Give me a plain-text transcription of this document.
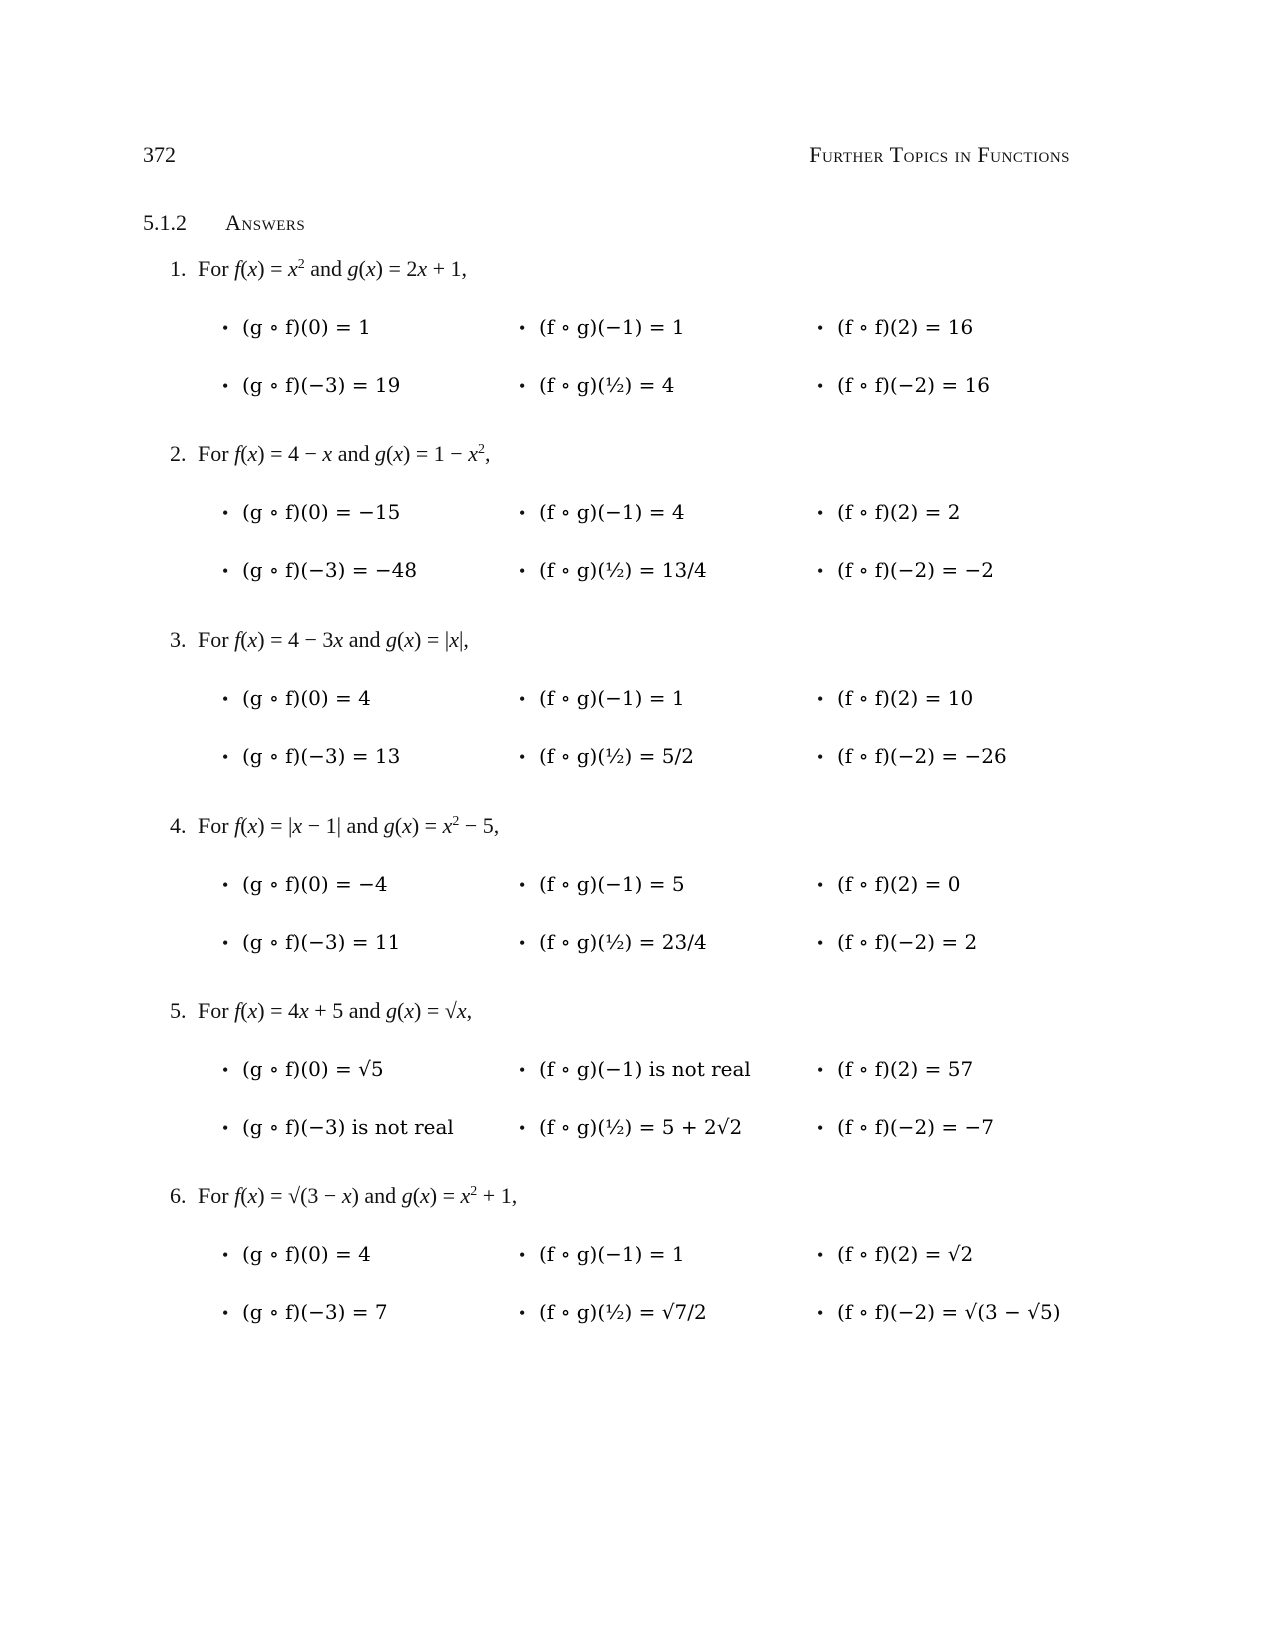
372	Further Topics in Functions
5.1.2 Answers
1. For $f(x) = x^2$ and g(x) = 2x + 1,
• (g ∘ f)(0) = 1	• (f ∘ g)(−1) = 1	• (f ∘ f)(2) = 16
• (g ∘ f)(−3) = 19	• (f ∘ g)(½) = 4	• (f ∘ f)(−2) = 16
2. For f(x) = 4 − x and $g(x) = 1 - x^2$,
• (g ∘ f)(0) = −15	• (f ∘ g)(−1) = 4	• (f ∘ f)(2) = 2
• (g ∘ f)(−3) = −48	• (f ∘ g)(½) = 13/4	• (f ∘ f)(−2) = −2
3. For f(x) = 4 − 3x and g(x) = |x|,
• (g ∘ f)(0) = 4	• (f ∘ g)(−1) = 1	• (f ∘ f)(2) = 10
• (g ∘ f)(−3) = 13	• (f ∘ g)(½) = 5/2	• (f ∘ f)(−2) = −26
4. For f(x) = |x − 1| and $g(x) = x^2 - 5$,
• (g ∘ f)(0) = −4	• (f ∘ g)(−1) = 5	• (f ∘ f)(2) = 0
• (g ∘ f)(−3) = 11	• (f ∘ g)(½) = 23/4	• (f ∘ f)(−2) = 2
5. For f(x) = 4x + 5 and g(x) = √x,
• (g ∘ f)(0) = √5	• (f ∘ g)(−1) is not real	• (f ∘ f)(2) = 57
• (g ∘ f)(−3) is not real	• (f ∘ g)(½) = 5 + 2√2	• (f ∘ f)(−2) = −7
6. For f(x) = √(3 − x) and $g(x) = x^2 + 1$,
• (g ∘ f)(0) = 4	• (f ∘ g)(−1) = 1	• (f ∘ f)(2) = √2
• (g ∘ f)(−3) = 7	• (f ∘ g)(½) = √7/2	• (f ∘ f)(−2) = √(3 − √5)
